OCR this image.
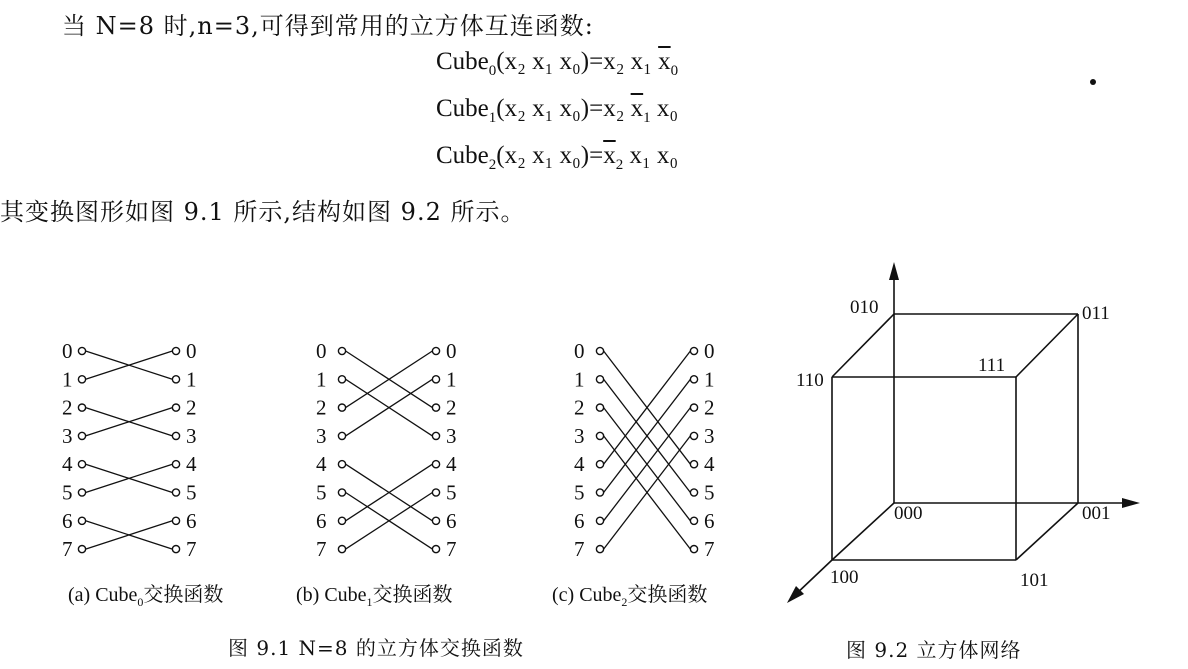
当 N=8 时,n=3,可得到常用的立方体互连函数:
Cube$_0$(x₂ x₁ x₀)=x₂ x₁ $\overline{x}_0$
Cube$_1$(x₂ x₁ x₀)=x₂ $\overline{x}_1$ x₀
Cube$_2$(x₂ x₁ $x_0)=\overline{x}_2$ x₁ x₀
其变换图形如图 9.1 所示,结构如图 9.2 所示。
0	0
1	1
2	2
3	3
4	4
5	5
6	6
7	7
0	0
1	1
2	2
3	3
4	4
5	5
6	6
7	7
0	0
1	1
2	2
3	3
4	4
5	5
6	6
7	7
010	011
110
111
000	001
100	101
(a) Cube$_0$交换函数	(b) Cube$_1$交换函数	(c) Cube$_2$交换函数
图 9.1 N=8 的立方体交换函数	图 9.2 立方体网络
